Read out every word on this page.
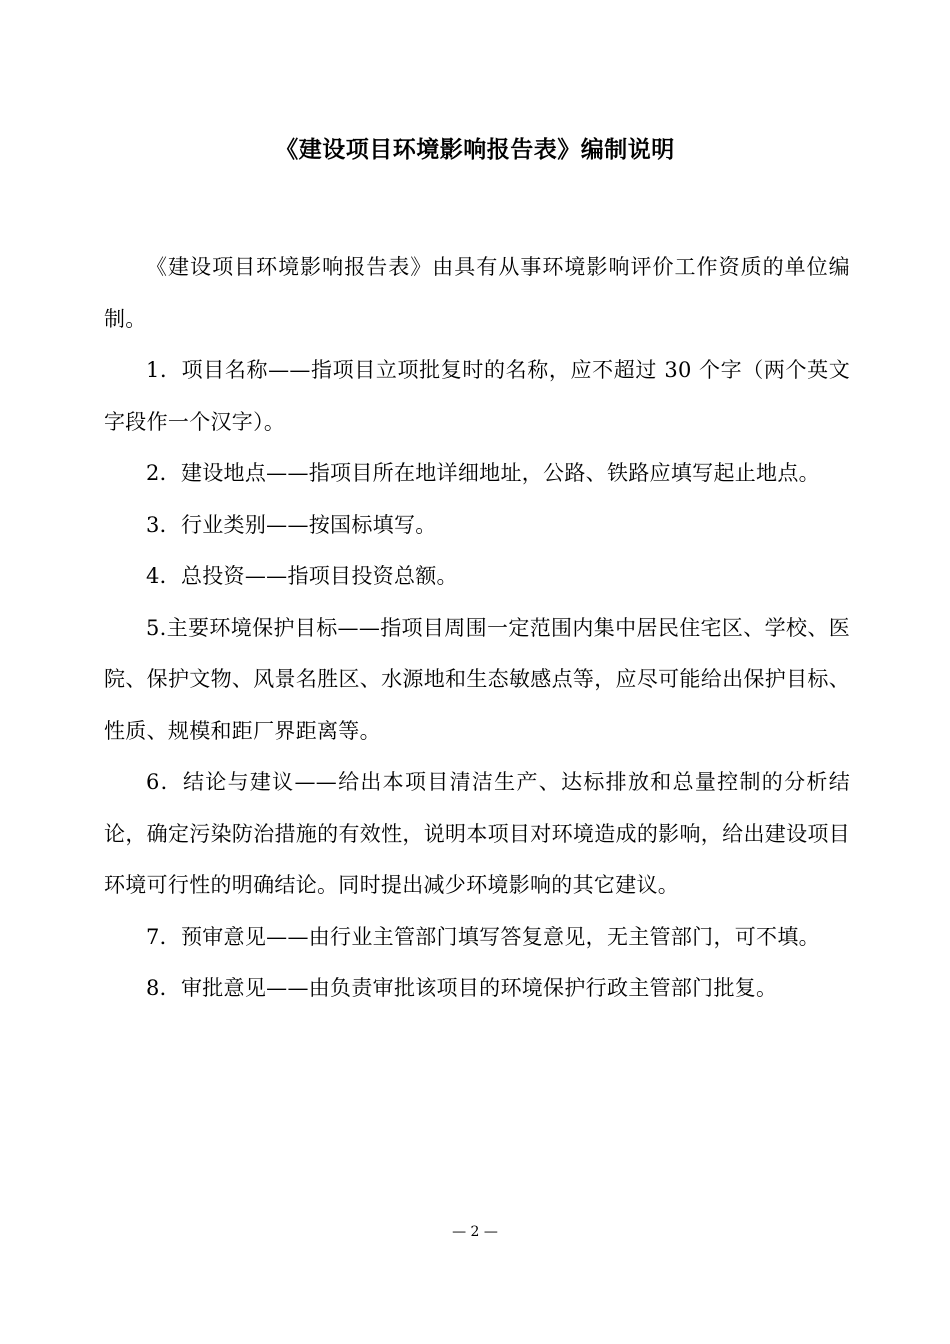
《建设项目环境影响报告表》编制说明

《建设项目环境影响报告表》由具有从事环境影响评价工作资质的单位编制。

1．项目名称——指项目立项批复时的名称，应不超过 30 个字（两个英文字段作一个汉字）。

2．建设地点——指项目所在地详细地址，公路、铁路应填写起止地点。

3．行业类别——按国标填写。

4．总投资——指项目投资总额。

5.主要环境保护目标——指项目周围一定范围内集中居民住宅区、学校、医院、保护文物、风景名胜区、水源地和生态敏感点等，应尽可能给出保护目标、性质、规模和距厂界距离等。

6．结论与建议——给出本项目清洁生产、达标排放和总量控制的分析结论，确定污染防治措施的有效性，说明本项目对环境造成的影响，给出建设项目环境可行性的明确结论。同时提出减少环境影响的其它建议。

7．预审意见——由行业主管部门填写答复意见，无主管部门，可不填。

8．审批意见——由负责审批该项目的环境保护行政主管部门批复。

— 2 —
